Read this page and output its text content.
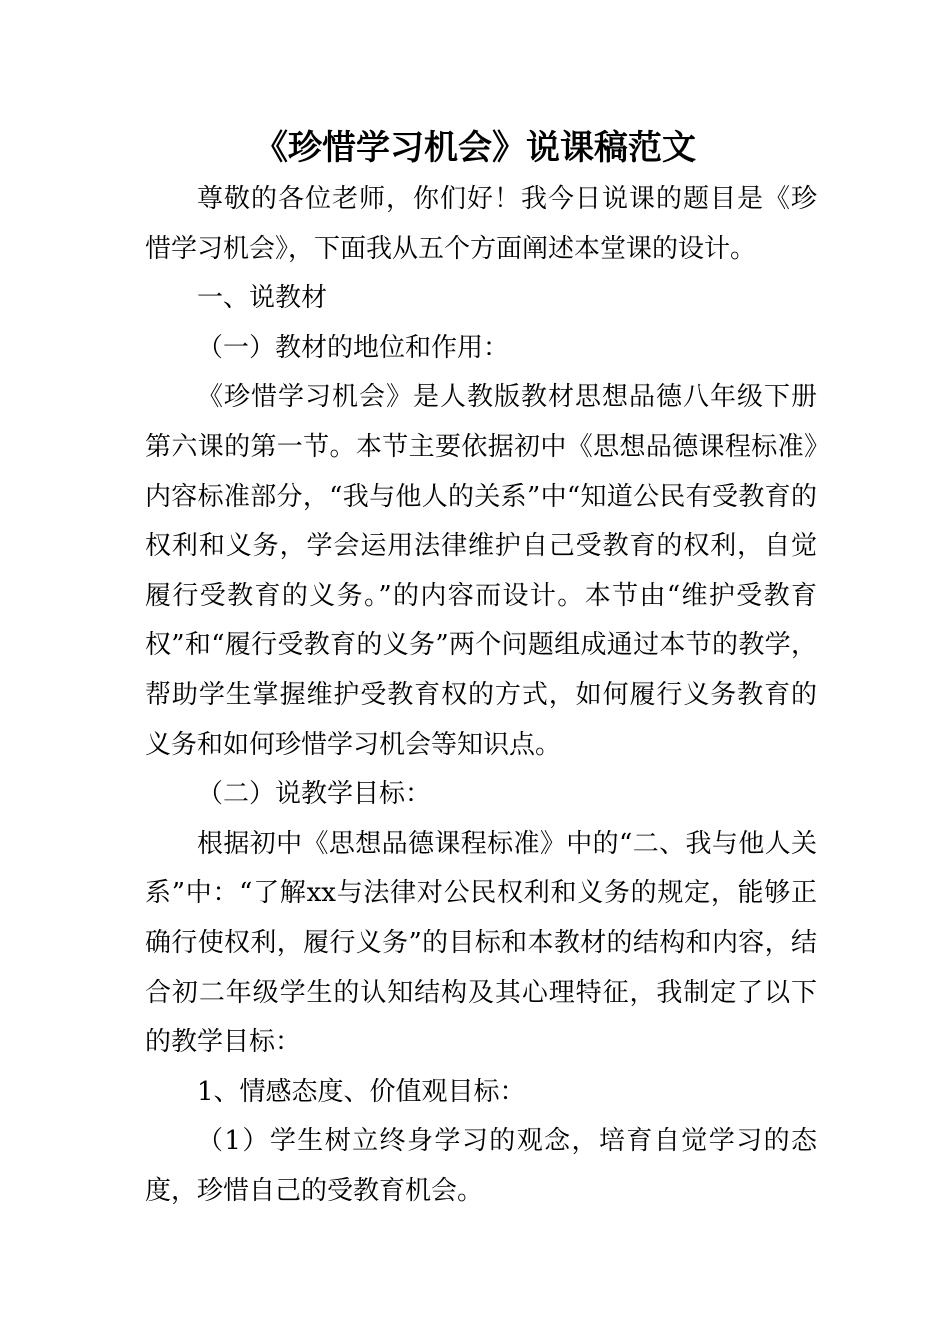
《珍惜学习机会》说课稿范文

尊敬的各位老师，你们好！我今日说课的题目是《珍惜学习机会》，下面我从五个方面阐述本堂课的设计。

一、说教材

（一）教材的地位和作用：

《珍惜学习机会》是人教版教材思想品德八年级下册第六课的第一节。本节主要依据初中《思想品德课程标准》内容标准部分，“我与他人的关系”中“知道公民有受教育的权利和义务，学会运用法律维护自己受教育的权利，自觉履行受教育的义务。”的内容而设计。本节由“维护受教育权”和“履行受教育的义务”两个问题组成通过本节的教学，帮助学生掌握维护受教育权的方式，如何履行义务教育的义务和如何珍惜学习机会等知识点。

（二）说教学目标：

根据初中《思想品德课程标准》中的“二、我与他人关系”中：“了解xx与法律对公民权利和义务的规定，能够正确行使权利，履行义务”的目标和本教材的结构和内容，结合初二年级学生的认知结构及其心理特征，我制定了以下的教学目标：

1、情感态度、价值观目标：

（1）学生树立终身学习的观念，培育自觉学习的态度，珍惜自己的受教育机会。
